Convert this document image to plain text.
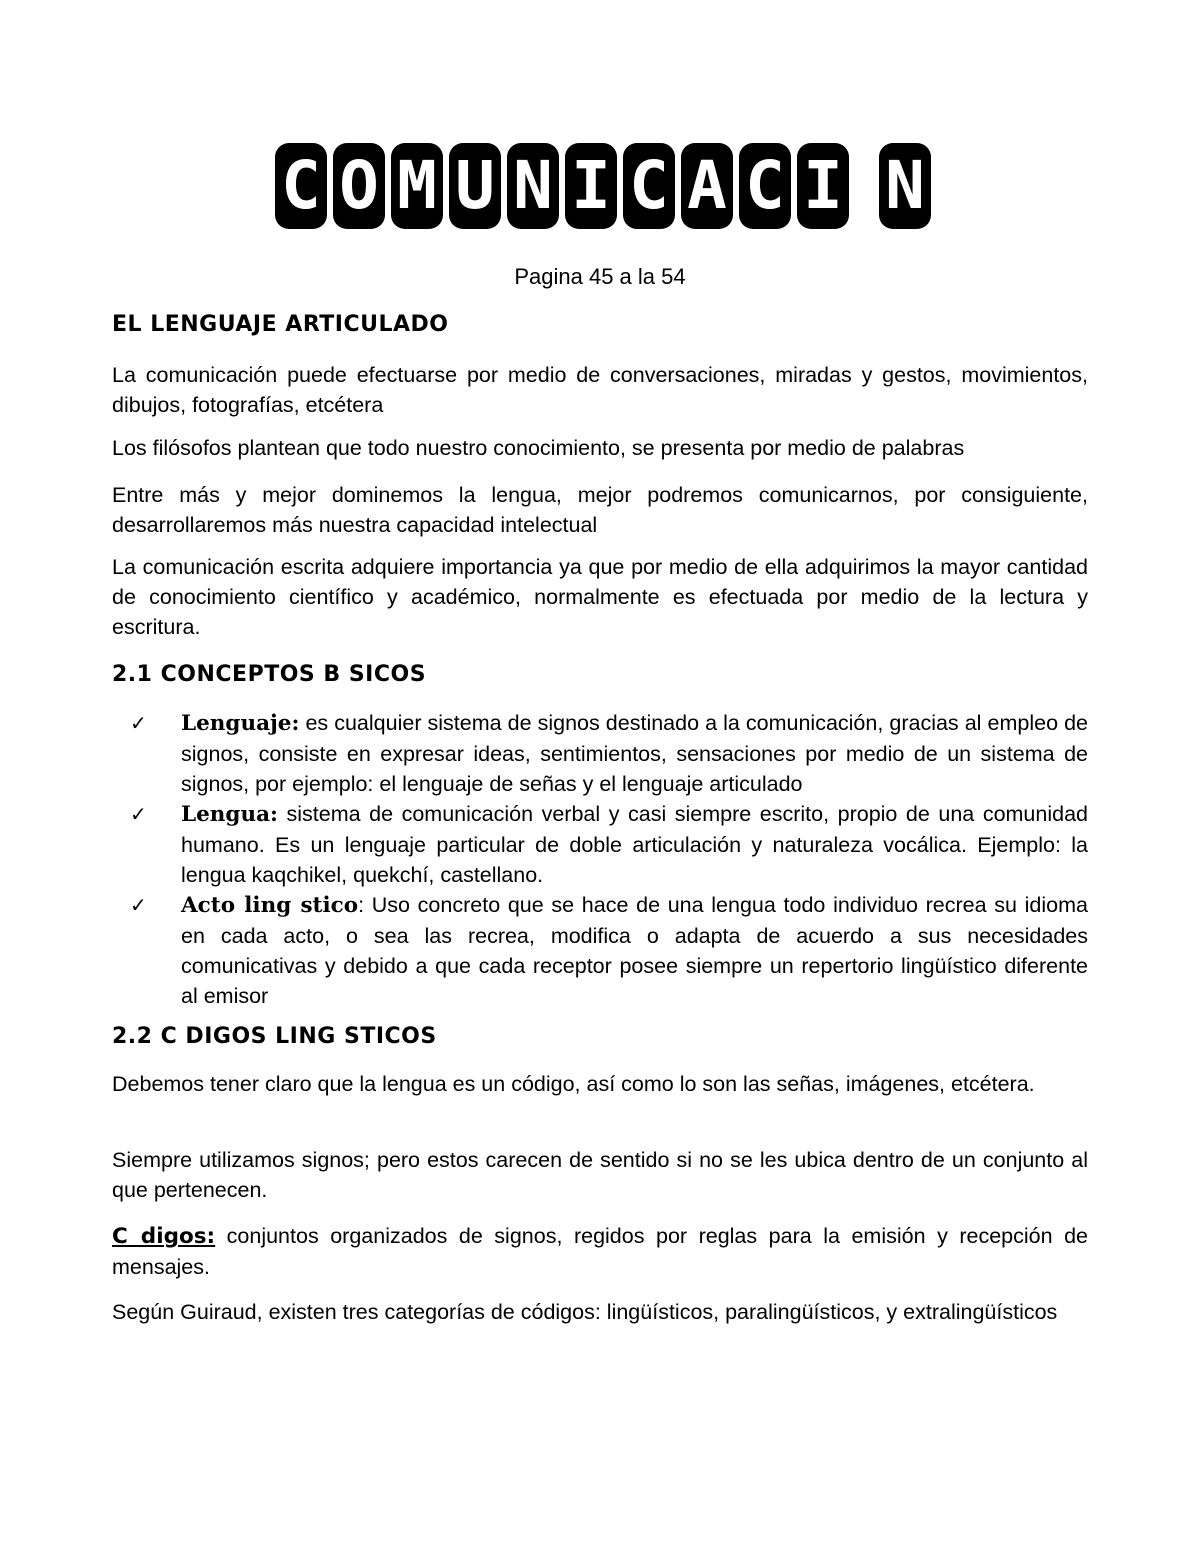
C O M U N I C A C I N
Pagina 45 a la 54
EL LENGUAJE ARTICULADO
La comunicación puede efectuarse por medio de conversaciones, miradas y gestos, movimientos, dibujos, fotografías, etcétera
Los filósofos plantean que todo nuestro conocimiento, se presenta por medio de palabras
Entre más y mejor dominemos la lengua, mejor podremos comunicarnos, por consiguiente, desarrollaremos más nuestra capacidad intelectual
La comunicación escrita adquiere importancia ya que por medio de ella adquirimos la mayor cantidad de conocimiento científico y académico, normalmente es efectuada por medio de la lectura y escritura.
2.1 CONCEPTOS B SICOS
✓ Lenguaje: es cualquier sistema de signos destinado a la comunicación, gracias al empleo de signos, consiste en expresar ideas, sentimientos, sensaciones por medio de un sistema de signos, por ejemplo: el lenguaje de señas y el lenguaje articulado
✓ Lengua: sistema de comunicación verbal y casi siempre escrito, propio de una comunidad humano. Es un lenguaje particular de doble articulación y naturaleza vocálica. Ejemplo: la lengua kaqchikel, quekchí, castellano.
✓ Acto ling stico: Uso concreto que se hace de una lengua todo individuo recrea su idioma en cada acto, o sea las recrea, modifica o adapta de acuerdo a sus necesidades comunicativas y debido a que cada receptor posee siempre un repertorio lingüístico diferente al emisor
2.2 C DIGOS LING STICOS
Debemos tener claro que la lengua es un código, así como lo son las señas, imágenes, etcétera.
Siempre utilizamos signos; pero estos carecen de sentido si no se les ubica dentro de un conjunto al que pertenecen.
C digos: conjuntos organizados de signos, regidos por reglas para la emisión y recepción de mensajes.
Según Guiraud, existen tres categorías de códigos: lingüísticos, paralingüísticos, y extralingüísticos
